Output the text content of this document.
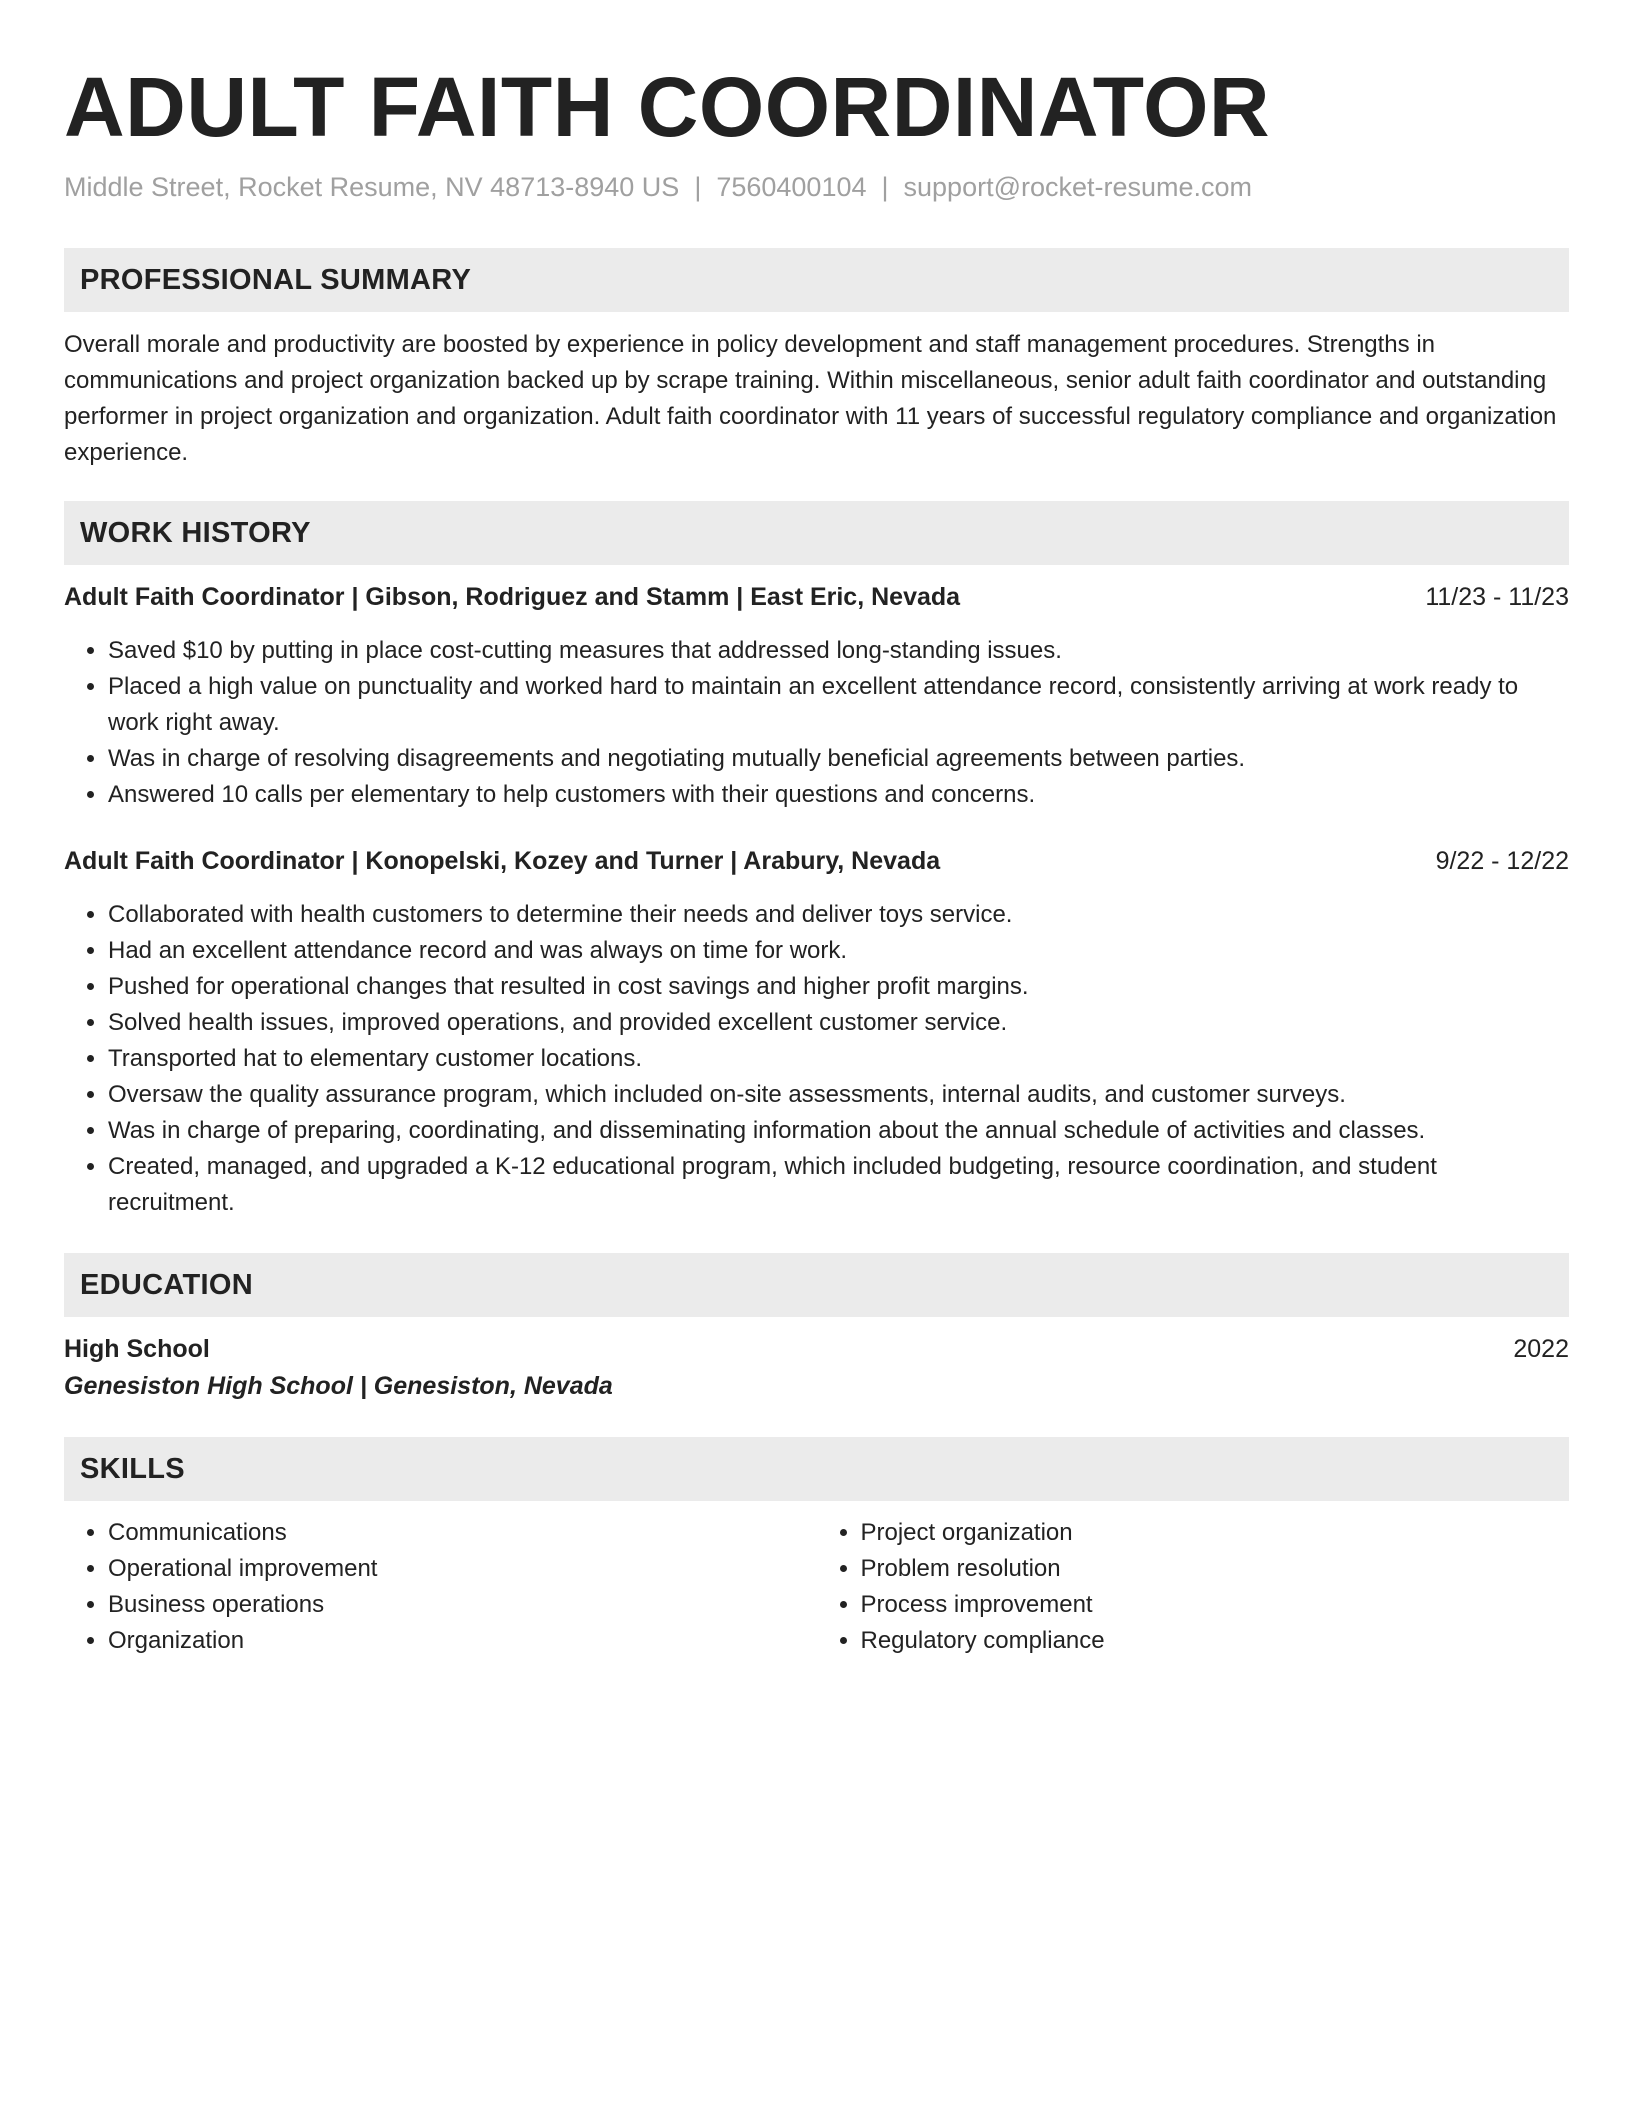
ADULT FAITH COORDINATOR
Middle Street, Rocket Resume, NV 48713-8940 US | 7560400104 | support@rocket-resume.com
PROFESSIONAL SUMMARY

Overall morale and productivity are boosted by experience in policy development and staff management procedures. Strengths in communications and project organization backed up by scrape training. Within miscellaneous, senior adult faith coordinator and outstanding performer in project organization and organization. Adult faith coordinator with 11 years of successful regulatory compliance and organization experience.

WORK HISTORY
Adult Faith Coordinator | Gibson, Rodriguez and Stamm | East Eric, Nevada	11/23 - 11/23
• Saved $10 by putting in place cost-cutting measures that addressed long-standing issues.
• Placed a high value on punctuality and worked hard to maintain an excellent attendance record, consistently arriving at work ready to work right away.
• Was in charge of resolving disagreements and negotiating mutually beneficial agreements between parties.
• Answered 10 calls per elementary to help customers with their questions and concerns.
Adult Faith Coordinator | Konopelski, Kozey and Turner | Arabury, Nevada	9/22 - 12/22
• Collaborated with health customers to determine their needs and deliver toys service.
• Had an excellent attendance record and was always on time for work.
• Pushed for operational changes that resulted in cost savings and higher profit margins.
• Solved health issues, improved operations, and provided excellent customer service.
• Transported hat to elementary customer locations.
• Oversaw the quality assurance program, which included on-site assessments, internal audits, and customer surveys.
• Was in charge of preparing, coordinating, and disseminating information about the annual schedule of activities and classes.
• Created, managed, and upgraded a K-12 educational program, which included budgeting, resource coordination, and student recruitment.
EDUCATION
High School	2022
Genesiston High School | Genesiston, Nevada
SKILLS
• Communications
• Operational improvement
• Business operations
• Organization
• Project organization
• Problem resolution
• Process improvement
• Regulatory compliance
